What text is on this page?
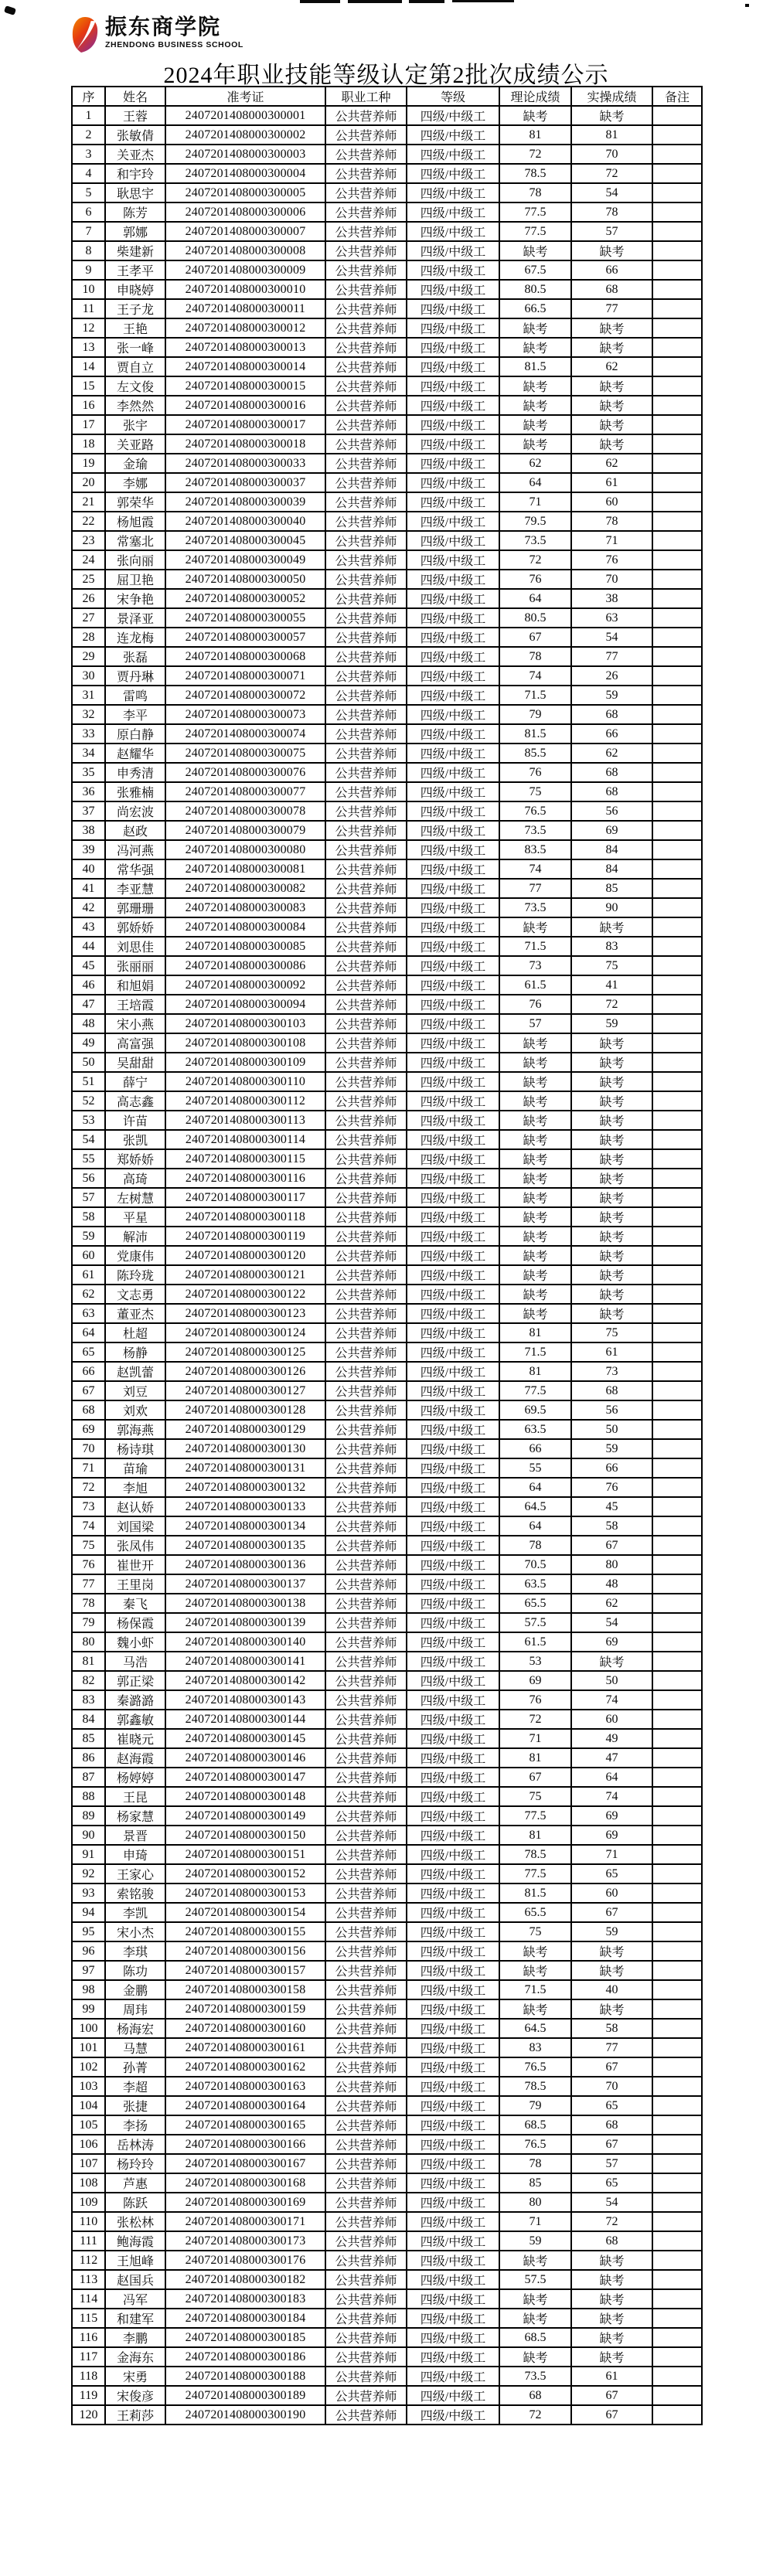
振东商学院
ZHENDONG BUSINESS SCHOOL
2024年职业技能等级认定第2批次成绩公示
序	姓名	准考证	职业工种	等级	理论成绩	实操成绩	备注
1	王蓉	2407201408000300001	公共营养师	四级/中级工	缺考	缺考	
2	张敏倩	2407201408000300002	公共营养师	四级/中级工	81	81	
3	关亚杰	2407201408000300003	公共营养师	四级/中级工	72	70	
4	和宇玲	2407201408000300004	公共营养师	四级/中级工	78.5	72	
5	耿思宇	2407201408000300005	公共营养师	四级/中级工	78	54	
6	陈芳	2407201408000300006	公共营养师	四级/中级工	77.5	78	
7	郭娜	2407201408000300007	公共营养师	四级/中级工	77.5	57	
8	柴建新	2407201408000300008	公共营养师	四级/中级工	缺考	缺考	
9	王孝平	2407201408000300009	公共营养师	四级/中级工	67.5	66	
10	申晓婷	2407201408000300010	公共营养师	四级/中级工	80.5	68	
11	王子龙	2407201408000300011	公共营养师	四级/中级工	66.5	77	
12	王艳	2407201408000300012	公共营养师	四级/中级工	缺考	缺考	
13	张一峰	2407201408000300013	公共营养师	四级/中级工	缺考	缺考	
14	贾自立	2407201408000300014	公共营养师	四级/中级工	81.5	62	
15	左文俊	2407201408000300015	公共营养师	四级/中级工	缺考	缺考	
16	李然然	2407201408000300016	公共营养师	四级/中级工	缺考	缺考	
17	张宇	2407201408000300017	公共营养师	四级/中级工	缺考	缺考	
18	关亚路	2407201408000300018	公共营养师	四级/中级工	缺考	缺考	
19	金瑜	2407201408000300033	公共营养师	四级/中级工	62	62	
20	李娜	2407201408000300037	公共营养师	四级/中级工	64	61	
21	郭荣华	2407201408000300039	公共营养师	四级/中级工	71	60	
22	杨旭霞	2407201408000300040	公共营养师	四级/中级工	79.5	78	
23	常塞北	2407201408000300045	公共营养师	四级/中级工	73.5	71	
24	张向丽	2407201408000300049	公共营养师	四级/中级工	72	76	
25	屈卫艳	2407201408000300050	公共营养师	四级/中级工	76	70	
26	宋争艳	2407201408000300052	公共营养师	四级/中级工	64	38	
27	景泽亚	2407201408000300055	公共营养师	四级/中级工	80.5	63	
28	连龙梅	2407201408000300057	公共营养师	四级/中级工	67	54	
29	张磊	2407201408000300068	公共营养师	四级/中级工	78	77	
30	贾丹琳	2407201408000300071	公共营养师	四级/中级工	74	26	
31	雷鸣	2407201408000300072	公共营养师	四级/中级工	71.5	59	
32	李平	2407201408000300073	公共营养师	四级/中级工	79	68	
33	原白静	2407201408000300074	公共营养师	四级/中级工	81.5	66	
34	赵耀华	2407201408000300075	公共营养师	四级/中级工	85.5	62	
35	申秀清	2407201408000300076	公共营养师	四级/中级工	76	68	
36	张雅楠	2407201408000300077	公共营养师	四级/中级工	75	68	
37	尚宏波	2407201408000300078	公共营养师	四级/中级工	76.5	56	
38	赵政	2407201408000300079	公共营养师	四级/中级工	73.5	69	
39	冯河燕	2407201408000300080	公共营养师	四级/中级工	83.5	84	
40	常华强	2407201408000300081	公共营养师	四级/中级工	74	84	
41	李亚慧	2407201408000300082	公共营养师	四级/中级工	77	85	
42	郭珊珊	2407201408000300083	公共营养师	四级/中级工	73.5	90	
43	郭娇娇	2407201408000300084	公共营养师	四级/中级工	缺考	缺考	
44	刘思佳	2407201408000300085	公共营养师	四级/中级工	71.5	83	
45	张丽丽	2407201408000300086	公共营养师	四级/中级工	73	75	
46	和旭娟	2407201408000300092	公共营养师	四级/中级工	61.5	41	
47	王培霞	2407201408000300094	公共营养师	四级/中级工	76	72	
48	宋小燕	2407201408000300103	公共营养师	四级/中级工	57	59	
49	高富强	2407201408000300108	公共营养师	四级/中级工	缺考	缺考	
50	吴甜甜	2407201408000300109	公共营养师	四级/中级工	缺考	缺考	
51	薛宁	2407201408000300110	公共营养师	四级/中级工	缺考	缺考	
52	高志鑫	2407201408000300112	公共营养师	四级/中级工	缺考	缺考	
53	许苗	2407201408000300113	公共营养师	四级/中级工	缺考	缺考	
54	张凯	2407201408000300114	公共营养师	四级/中级工	缺考	缺考	
55	郑娇娇	2407201408000300115	公共营养师	四级/中级工	缺考	缺考	
56	高琦	2407201408000300116	公共营养师	四级/中级工	缺考	缺考	
57	左树慧	2407201408000300117	公共营养师	四级/中级工	缺考	缺考	
58	平星	2407201408000300118	公共营养师	四级/中级工	缺考	缺考	
59	解沛	2407201408000300119	公共营养师	四级/中级工	缺考	缺考	
60	党康伟	2407201408000300120	公共营养师	四级/中级工	缺考	缺考	
61	陈玲珑	2407201408000300121	公共营养师	四级/中级工	缺考	缺考	
62	文志勇	2407201408000300122	公共营养师	四级/中级工	缺考	缺考	
63	董亚杰	2407201408000300123	公共营养师	四级/中级工	缺考	缺考	
64	杜超	2407201408000300124	公共营养师	四级/中级工	81	75	
65	杨静	2407201408000300125	公共营养师	四级/中级工	71.5	61	
66	赵凯蕾	2407201408000300126	公共营养师	四级/中级工	81	73	
67	刘豆	2407201408000300127	公共营养师	四级/中级工	77.5	68	
68	刘欢	2407201408000300128	公共营养师	四级/中级工	69.5	56	
69	郭海燕	2407201408000300129	公共营养师	四级/中级工	63.5	50	
70	杨诗琪	2407201408000300130	公共营养师	四级/中级工	66	59	
71	苗瑜	2407201408000300131	公共营养师	四级/中级工	55	66	
72	李旭	2407201408000300132	公共营养师	四级/中级工	64	76	
73	赵认娇	2407201408000300133	公共营养师	四级/中级工	64.5	45	
74	刘国梁	2407201408000300134	公共营养师	四级/中级工	64	58	
75	张凤伟	2407201408000300135	公共营养师	四级/中级工	78	67	
76	崔世开	2407201408000300136	公共营养师	四级/中级工	70.5	80	
77	王里岗	2407201408000300137	公共营养师	四级/中级工	63.5	48	
78	秦飞	2407201408000300138	公共营养师	四级/中级工	65.5	62	
79	杨保霞	2407201408000300139	公共营养师	四级/中级工	57.5	54	
80	魏小虾	2407201408000300140	公共营养师	四级/中级工	61.5	69	
81	马浩	2407201408000300141	公共营养师	四级/中级工	53	缺考	
82	郭正梁	2407201408000300142	公共营养师	四级/中级工	69	50	
83	秦潞潞	2407201408000300143	公共营养师	四级/中级工	76	74	
84	郭鑫敏	2407201408000300144	公共营养师	四级/中级工	72	60	
85	崔晓元	2407201408000300145	公共营养师	四级/中级工	71	49	
86	赵海霞	2407201408000300146	公共营养师	四级/中级工	81	47	
87	杨婷婷	2407201408000300147	公共营养师	四级/中级工	67	64	
88	王昆	2407201408000300148	公共营养师	四级/中级工	75	74	
89	杨家慧	2407201408000300149	公共营养师	四级/中级工	77.5	69	
90	景晋	2407201408000300150	公共营养师	四级/中级工	81	69	
91	申琦	2407201408000300151	公共营养师	四级/中级工	78.5	71	
92	王家心	2407201408000300152	公共营养师	四级/中级工	77.5	65	
93	索铭骏	2407201408000300153	公共营养师	四级/中级工	81.5	60	
94	李凯	2407201408000300154	公共营养师	四级/中级工	65.5	67	
95	宋小杰	2407201408000300155	公共营养师	四级/中级工	75	59	
96	李琪	2407201408000300156	公共营养师	四级/中级工	缺考	缺考	
97	陈功	2407201408000300157	公共营养师	四级/中级工	缺考	缺考	
98	金鹏	2407201408000300158	公共营养师	四级/中级工	71.5	40	
99	周玮	2407201408000300159	公共营养师	四级/中级工	缺考	缺考	
100	杨海宏	2407201408000300160	公共营养师	四级/中级工	64.5	58	
101	马慧	2407201408000300161	公共营养师	四级/中级工	83	77	
102	孙菁	2407201408000300162	公共营养师	四级/中级工	76.5	67	
103	李超	2407201408000300163	公共营养师	四级/中级工	78.5	70	
104	张捷	2407201408000300164	公共营养师	四级/中级工	79	65	
105	李扬	2407201408000300165	公共营养师	四级/中级工	68.5	68	
106	岳林涛	2407201408000300166	公共营养师	四级/中级工	76.5	67	
107	杨玲玲	2407201408000300167	公共营养师	四级/中级工	78	57	
108	芦惠	2407201408000300168	公共营养师	四级/中级工	85	65	
109	陈跃	2407201408000300169	公共营养师	四级/中级工	80	54	
110	张松林	2407201408000300171	公共营养师	四级/中级工	71	72	
111	鲍海霞	2407201408000300173	公共营养师	四级/中级工	59	68	
112	王旭峰	2407201408000300176	公共营养师	四级/中级工	缺考	缺考	
113	赵国兵	2407201408000300182	公共营养师	四级/中级工	57.5	缺考	
114	冯军	2407201408000300183	公共营养师	四级/中级工	缺考	缺考	
115	和建军	2407201408000300184	公共营养师	四级/中级工	缺考	缺考	
116	李鹏	2407201408000300185	公共营养师	四级/中级工	68.5	缺考	
117	金海东	2407201408000300186	公共营养师	四级/中级工	缺考	缺考	
118	宋勇	2407201408000300188	公共营养师	四级/中级工	73.5	61	
119	宋俊彦	2407201408000300189	公共营养师	四级/中级工	68	67	
120	王莉莎	2407201408000300190	公共营养师	四级/中级工	72	67	
